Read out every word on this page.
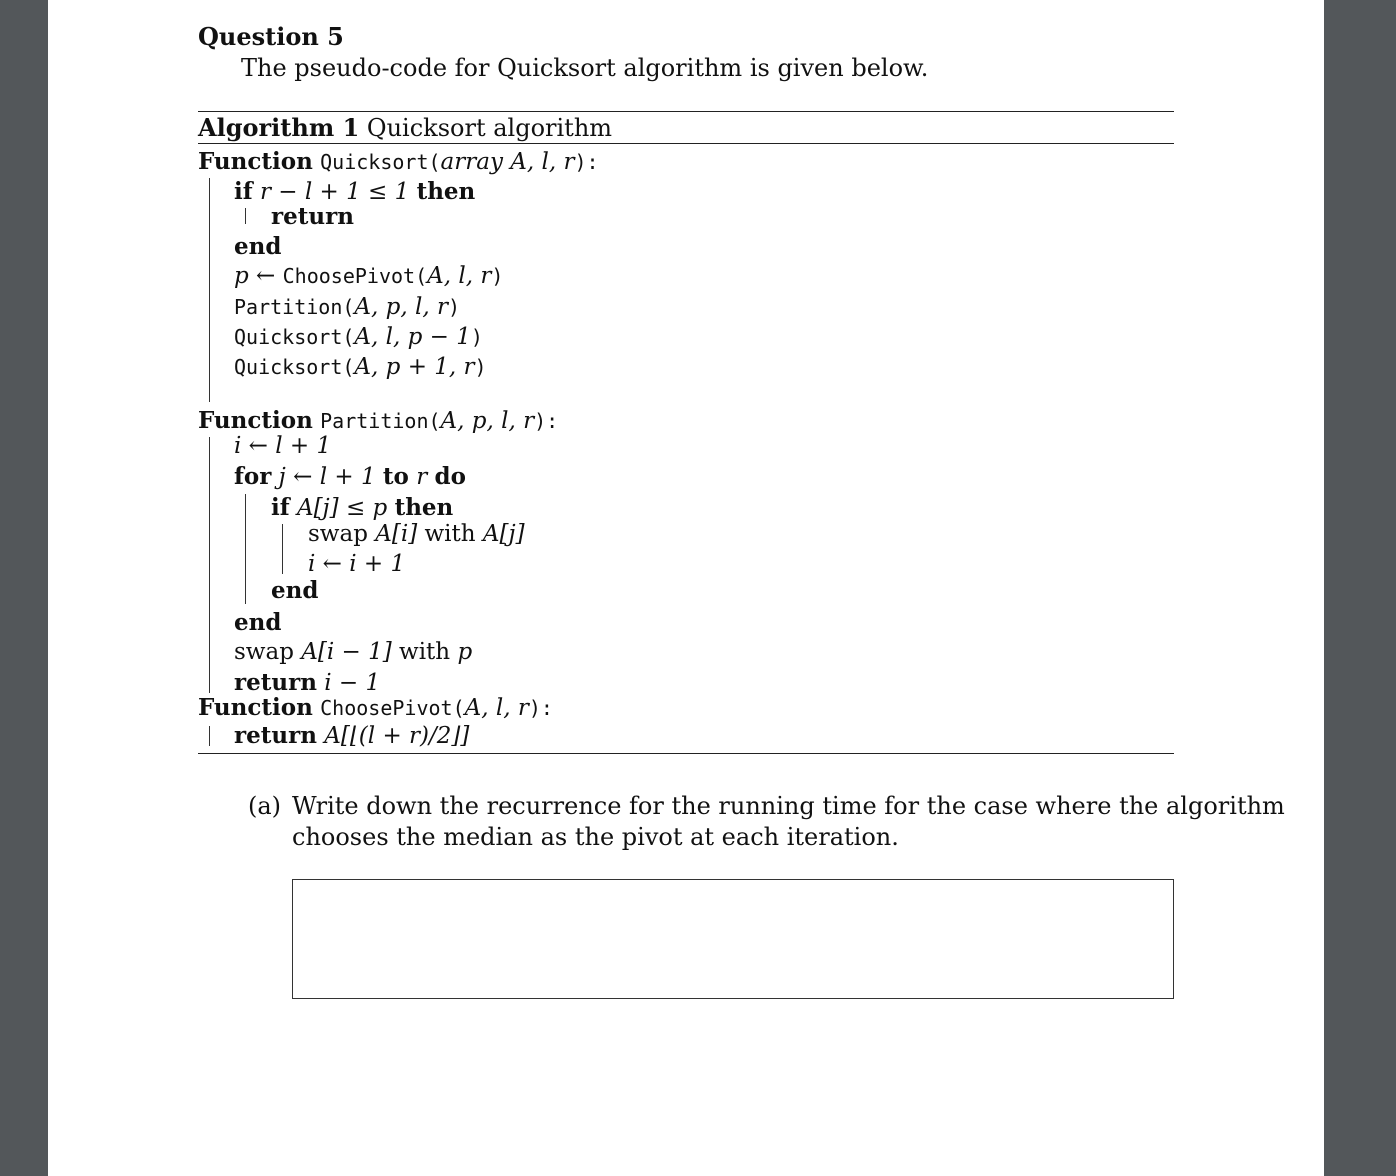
Question 5
The pseudo-code for Quicksort algorithm is given below.
Algorithm 1 Quicksort algorithm
Function Quicksort(array A, l, r):
if r − l + 1 ≤ 1 then
return
end
p ← ChoosePivot(A, l, r)
Partition(A, p, l, r)
Quicksort(A, l, p − 1)
Quicksort(A, p + 1, r)
Function Partition(A, p, l, r):
i ← l + 1
for j ← l + 1 to r do
if A[j] ≤ p then
swap A[i] with A[j]
i ← i + 1
end
end
swap A[i − 1] with p
return i − 1
Function ChoosePivot(A, l, r):
return A[⌊(l + r)/2⌋]
(a) Write down the recurrence for the running time for the case where the algorithm
chooses the median as the pivot at each iteration.
